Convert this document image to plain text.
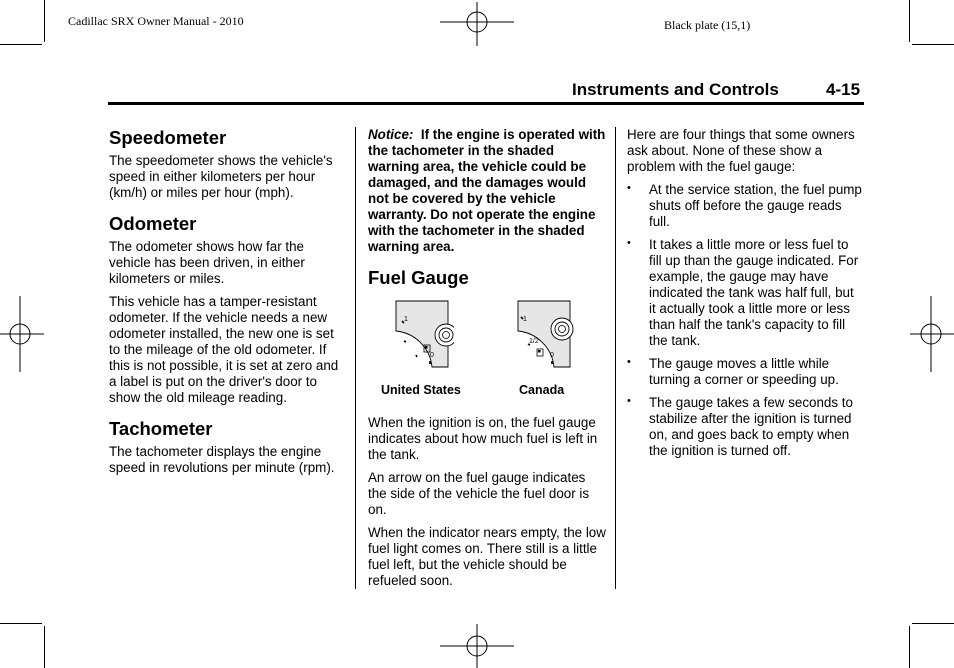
Cadillac SRX Owner Manual - 2010	Black plate (15,1)
Instruments and Controls	4-15
Speedometer

The speedometer shows the vehicle's speed in either kilometers per hour (km/h) or miles per hour (mph).

Odometer

The odometer shows how far the vehicle has been driven, in either kilometers or miles.

This vehicle has a tamper-resistant odometer. If the vehicle needs a new odometer installed, the new one is set to the mileage of the old odometer. If this is not possible, it is set at zero and a label is put on the driver's door to show the old mileage reading.

Tachometer

The tachometer displays the engine speed in revolutions per minute (rpm).

Notice: If the engine is operated with the tachometer in the shaded warning area, the vehicle could be damaged, and the damages would not be covered by the vehicle warranty. Do not operate the engine with the tachometer in the shaded warning area.

Fuel Gauge
1
0
1
1/2
0
United States	Canada

When the ignition is on, the fuel gauge indicates about how much fuel is left in the tank.

An arrow on the fuel gauge indicates the side of the vehicle the fuel door is on.

When the indicator nears empty, the low fuel light comes on. There still is a little fuel left, but the vehicle should be refueled soon.

Here are four things that some owners ask about. None of these show a problem with the fuel gauge:

• At the service station, the fuel pump shuts off before the gauge reads full.
• It takes a little more or less fuel to fill up than the gauge indicated. For example, the gauge may have indicated the tank was half full, but it actually took a little more or less than half the tank's capacity to fill the tank.
• The gauge moves a little while turning a corner or speeding up.
• The gauge takes a few seconds to stabilize after the ignition is turned on, and goes back to empty when the ignition is turned off.
